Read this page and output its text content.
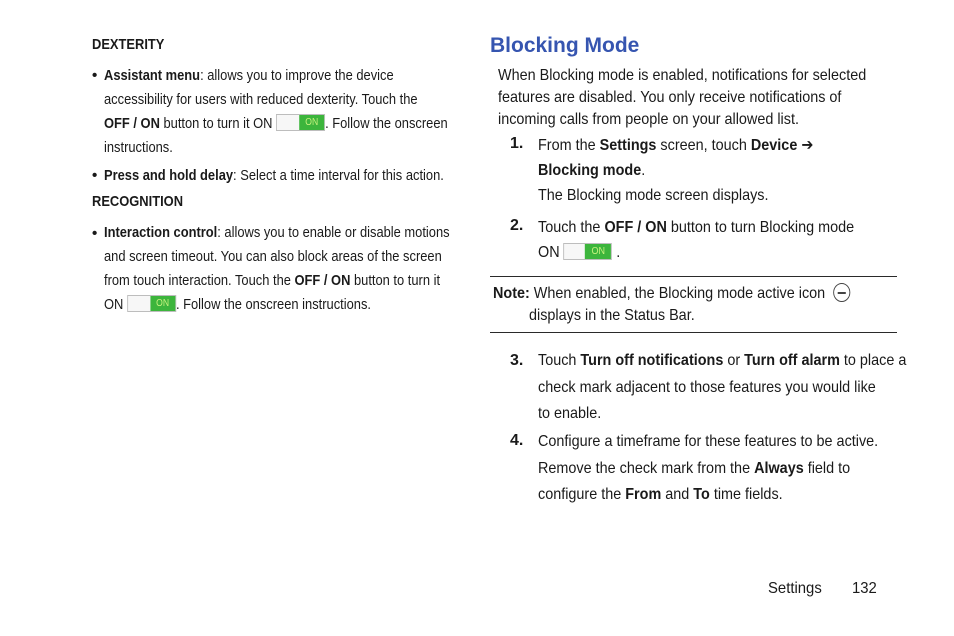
DEXTERITY
• Assistant menu: allows you to improve the device
accessibility for users with reduced dexterity. Touch the
OFF / ON button to turn it ON	ON . Follow the onscreen
instructions.
• Press and hold delay: Select a time interval for this action.
RECOGNITION
• Interaction control: allows you to enable or disable motions
and screen timeout. You can also block areas of the screen
from touch interaction. Touch the OFF / ON button to turn it
ON	ON . Follow the onscreen instructions.
Blocking Mode
When Blocking mode is enabled, notifications for selected
features are disabled. You only receive notifications of
incoming calls from people on your allowed list.
1. From the Settings screen, touch Device ➔
Blocking mode.
The Blocking mode screen displays.
2. Touch the OFF / ON button to turn Blocking mode
ON	ON .
Note: When enabled, the Blocking mode active icon
displays in the Status Bar.
3. Touch Turn off notifications or Turn off alarm to place a
check mark adjacent to those features you would like
to enable.
4. Configure a timeframe for these features to be active.
Remove the check mark from the Always field to
configure the From and To time fields.
Settings 132
